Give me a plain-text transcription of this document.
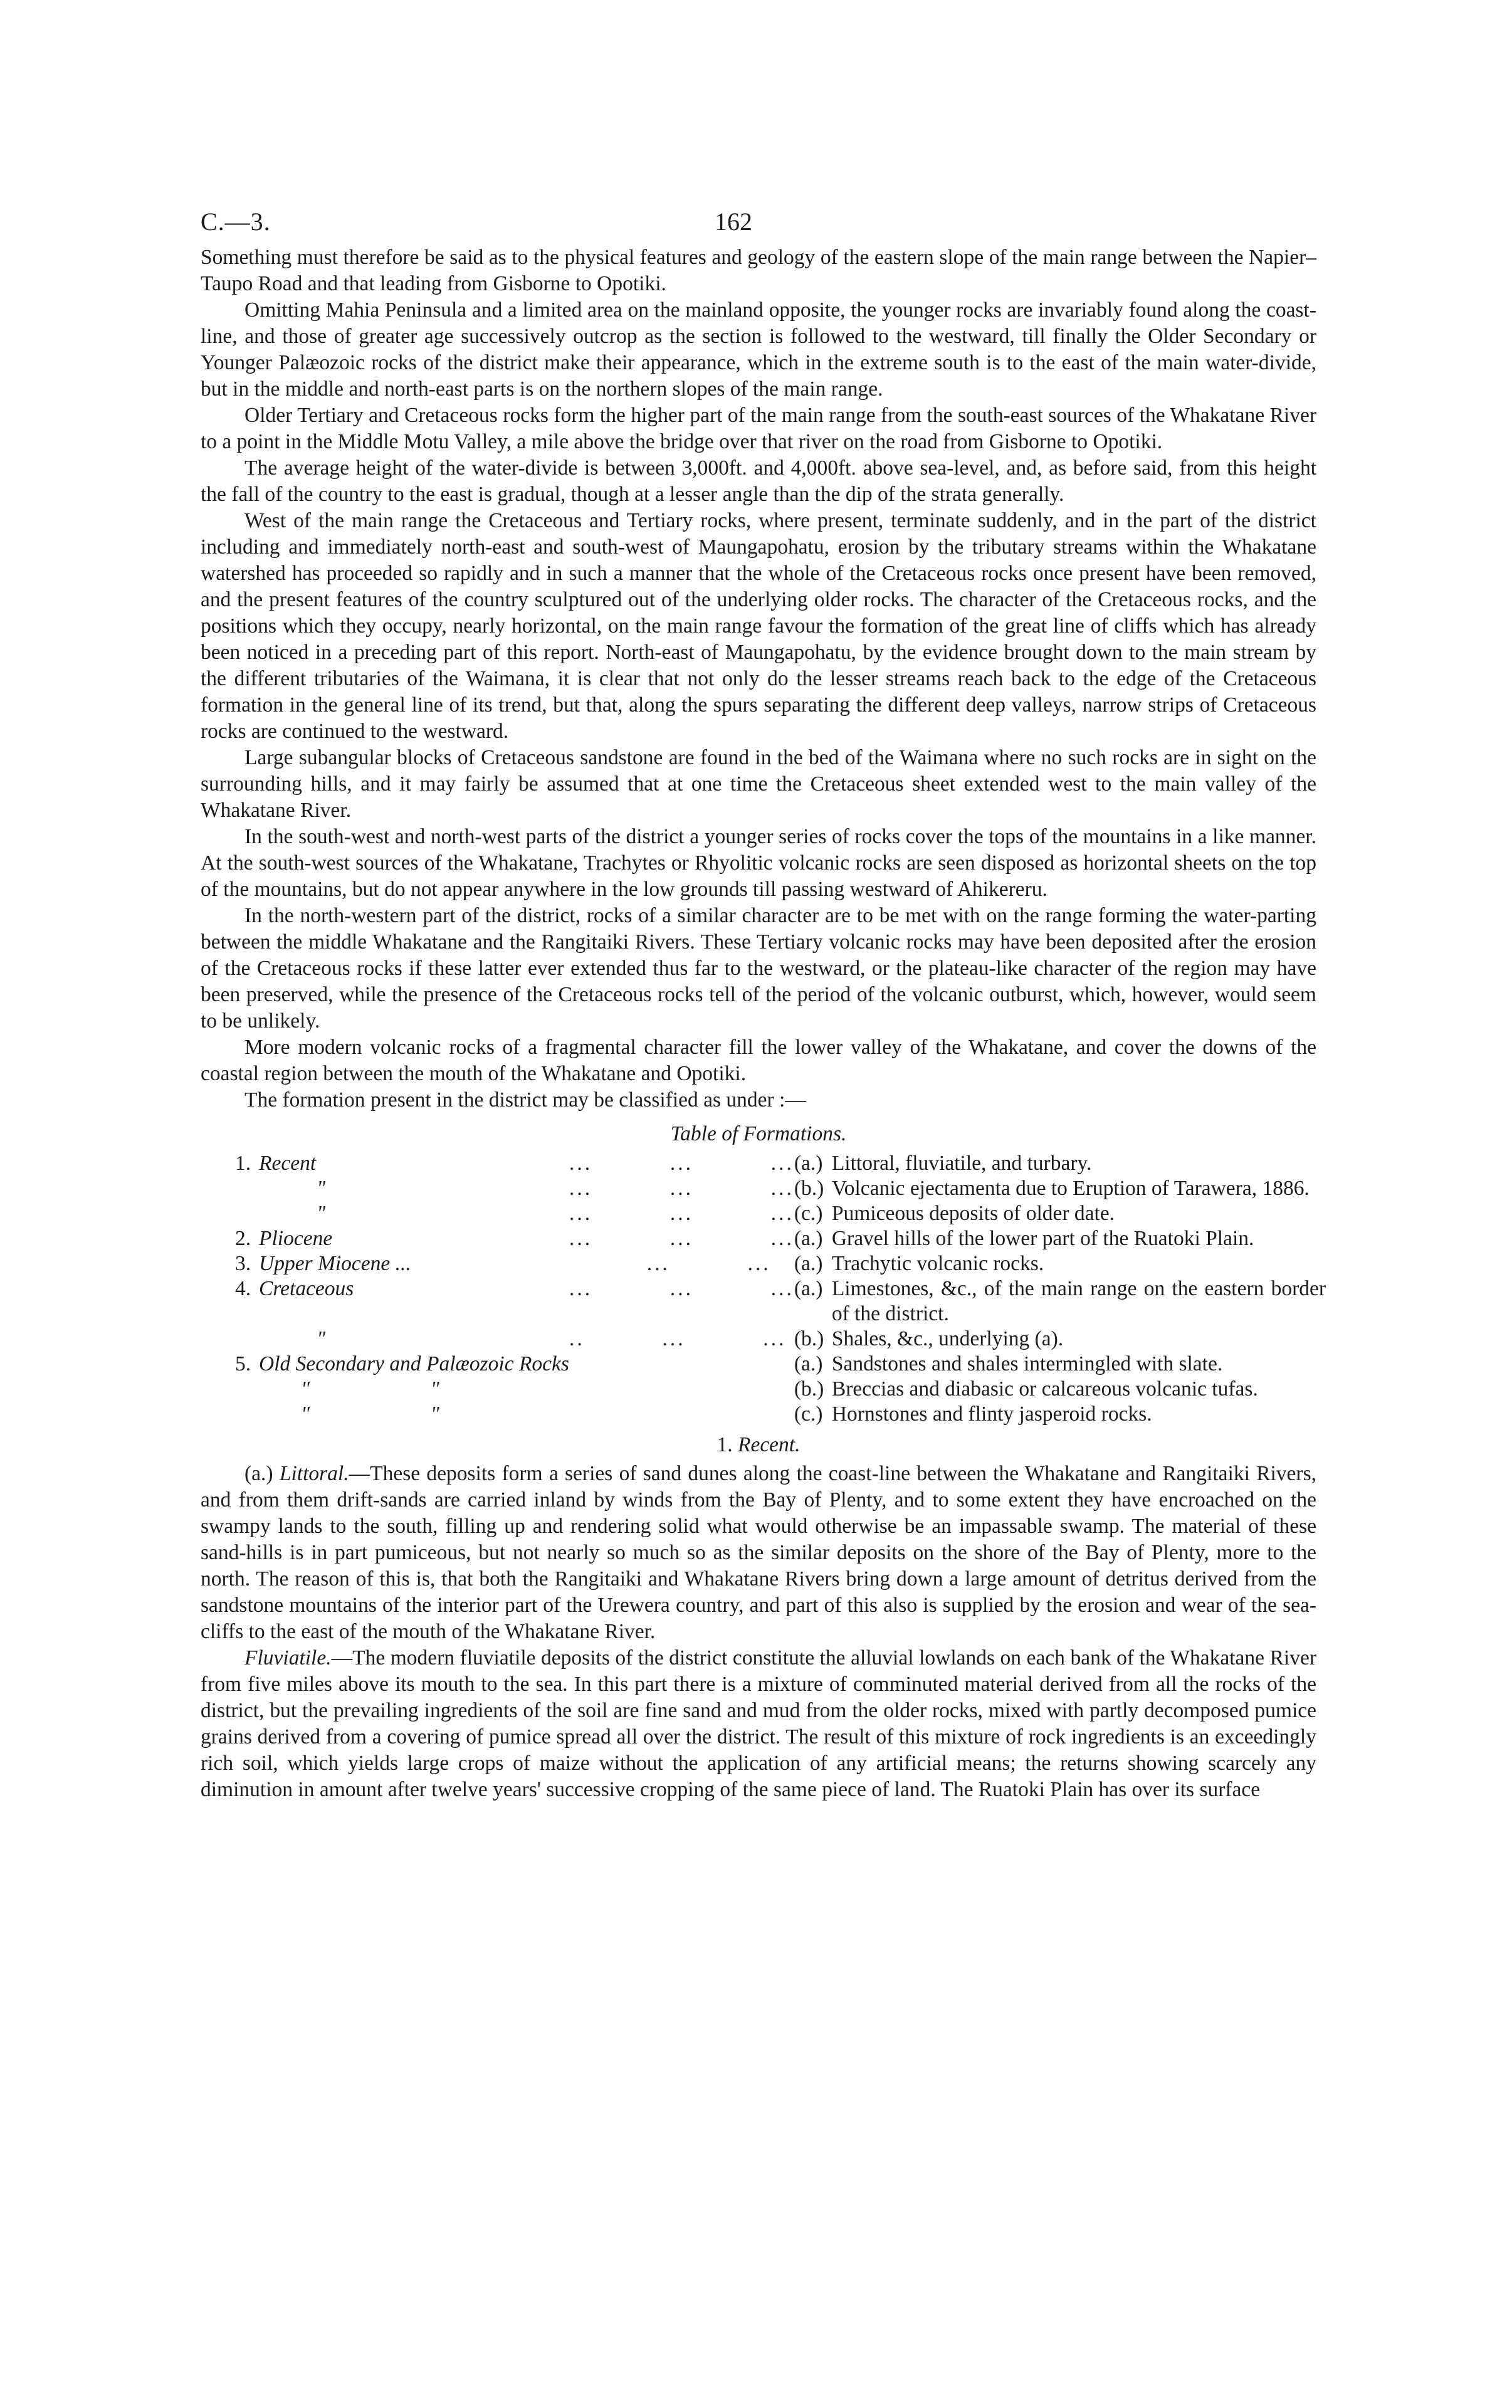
C.—3.	162

Something must therefore be said as to the physical features and geology of the eastern slope of the main range between the Napier–Taupo Road and that leading from Gisborne to Opotiki.

Omitting Mahia Peninsula and a limited area on the mainland opposite, the younger rocks are invariably found along the coast-line, and those of greater age successively outcrop as the section is followed to the westward, till finally the Older Secondary or Younger Palæozoic rocks of the district make their appearance, which in the extreme south is to the east of the main water-divide, but in the middle and north-east parts is on the northern slopes of the main range.

Older Tertiary and Cretaceous rocks form the higher part of the main range from the south-east sources of the Whakatane River to a point in the Middle Motu Valley, a mile above the bridge over that river on the road from Gisborne to Opotiki.

The average height of the water-divide is between 3,000ft. and 4,000ft. above sea-level, and, as before said, from this height the fall of the country to the east is gradual, though at a lesser angle than the dip of the strata generally.

West of the main range the Cretaceous and Tertiary rocks, where present, terminate suddenly, and in the part of the district including and immediately north-east and south-west of Maungapohatu, erosion by the tributary streams within the Whakatane watershed has proceeded so rapidly and in such a manner that the whole of the Cretaceous rocks once present have been removed, and the present features of the country sculptured out of the underlying older rocks. The character of the Cretaceous rocks, and the positions which they occupy, nearly horizontal, on the main range favour the formation of the great line of cliffs which has already been noticed in a preceding part of this report. North-east of Maungapohatu, by the evidence brought down to the main stream by the different tributaries of the Waimana, it is clear that not only do the lesser streams reach back to the edge of the Cretaceous formation in the general line of its trend, but that, along the spurs separating the different deep valleys, narrow strips of Cretaceous rocks are continued to the westward.

Large subangular blocks of Cretaceous sandstone are found in the bed of the Waimana where no such rocks are in sight on the surrounding hills, and it may fairly be assumed that at one time the Cretaceous sheet extended west to the main valley of the Whakatane River.

In the south-west and north-west parts of the district a younger series of rocks cover the tops of the mountains in a like manner. At the south-west sources of the Whakatane, Trachytes or Rhyolitic volcanic rocks are seen disposed as horizontal sheets on the top of the mountains, but do not appear anywhere in the low grounds till passing westward of Ahikereru.

In the north-western part of the district, rocks of a similar character are to be met with on the range forming the water-parting between the middle Whakatane and the Rangitaiki Rivers. These Tertiary volcanic rocks may have been deposited after the erosion of the Cretaceous rocks if these latter ever extended thus far to the westward, or the plateau-like character of the region may have been preserved, while the presence of the Cretaceous rocks tell of the period of the volcanic outburst, which, however, would seem to be unlikely.

More modern volcanic rocks of a fragmental character fill the lower valley of the Whakatane, and cover the downs of the coastal region between the mouth of the Whakatane and Opotiki.

The formation present in the district may be classified as under :—

Table of Formations.
1.	Recent	...          ...          ...	(a.)	Littoral, fluviatile, and turbary.
	"	...          ...          ...	(b.)	Volcanic ejectamenta due to Eruption of Tarawera, 1886.
	"	...          ...          ...	(c.)	Pumiceous deposits of older date.
2.	Pliocene	...          ...          ...	(a.)	Gravel hills of the lower part of the Ruatoki Plain.
3.	Upper Miocene ...	...          ...	(a.)	Trachytic volcanic rocks.
4.	Cretaceous	...          ...          ...	(a.)	Limestones, &c., of the main range on the eastern border of the district.
	"	..          ...          ...	(b.)	Shales, &c., underlying (a).
5.	Old Secondary and Palæozoic Rocks		(a.)	Sandstones and shales intermingled with slate.
	"                       "		(b.)	Breccias and diabasic or calcareous volcanic tufas.
	"                       "		(c.)	Hornstones and flinty jasperoid rocks.
1. Recent.

(a.) Littoral.—These deposits form a series of sand dunes along the coast-line between the Whakatane and Rangitaiki Rivers, and from them drift-sands are carried inland by winds from the Bay of Plenty, and to some extent they have encroached on the swampy lands to the south, filling up and rendering solid what would otherwise be an impassable swamp. The material of these sand-hills is in part pumiceous, but not nearly so much so as the similar deposits on the shore of the Bay of Plenty, more to the north. The reason of this is, that both the Rangitaiki and Whakatane Rivers bring down a large amount of detritus derived from the sandstone mountains of the interior part of the Urewera country, and part of this also is supplied by the erosion and wear of the sea-cliffs to the east of the mouth of the Whakatane River.

Fluviatile.—The modern fluviatile deposits of the district constitute the alluvial lowlands on each bank of the Whakatane River from five miles above its mouth to the sea. In this part there is a mixture of comminuted material derived from all the rocks of the district, but the prevailing ingredients of the soil are fine sand and mud from the older rocks, mixed with partly decomposed pumice grains derived from a covering of pumice spread all over the district. The result of this mixture of rock ingredients is an exceedingly rich soil, which yields large crops of maize without the application of any artificial means; the returns showing scarcely any diminution in amount after twelve years' successive cropping of the same piece of land. The Ruatoki Plain has over its surface
